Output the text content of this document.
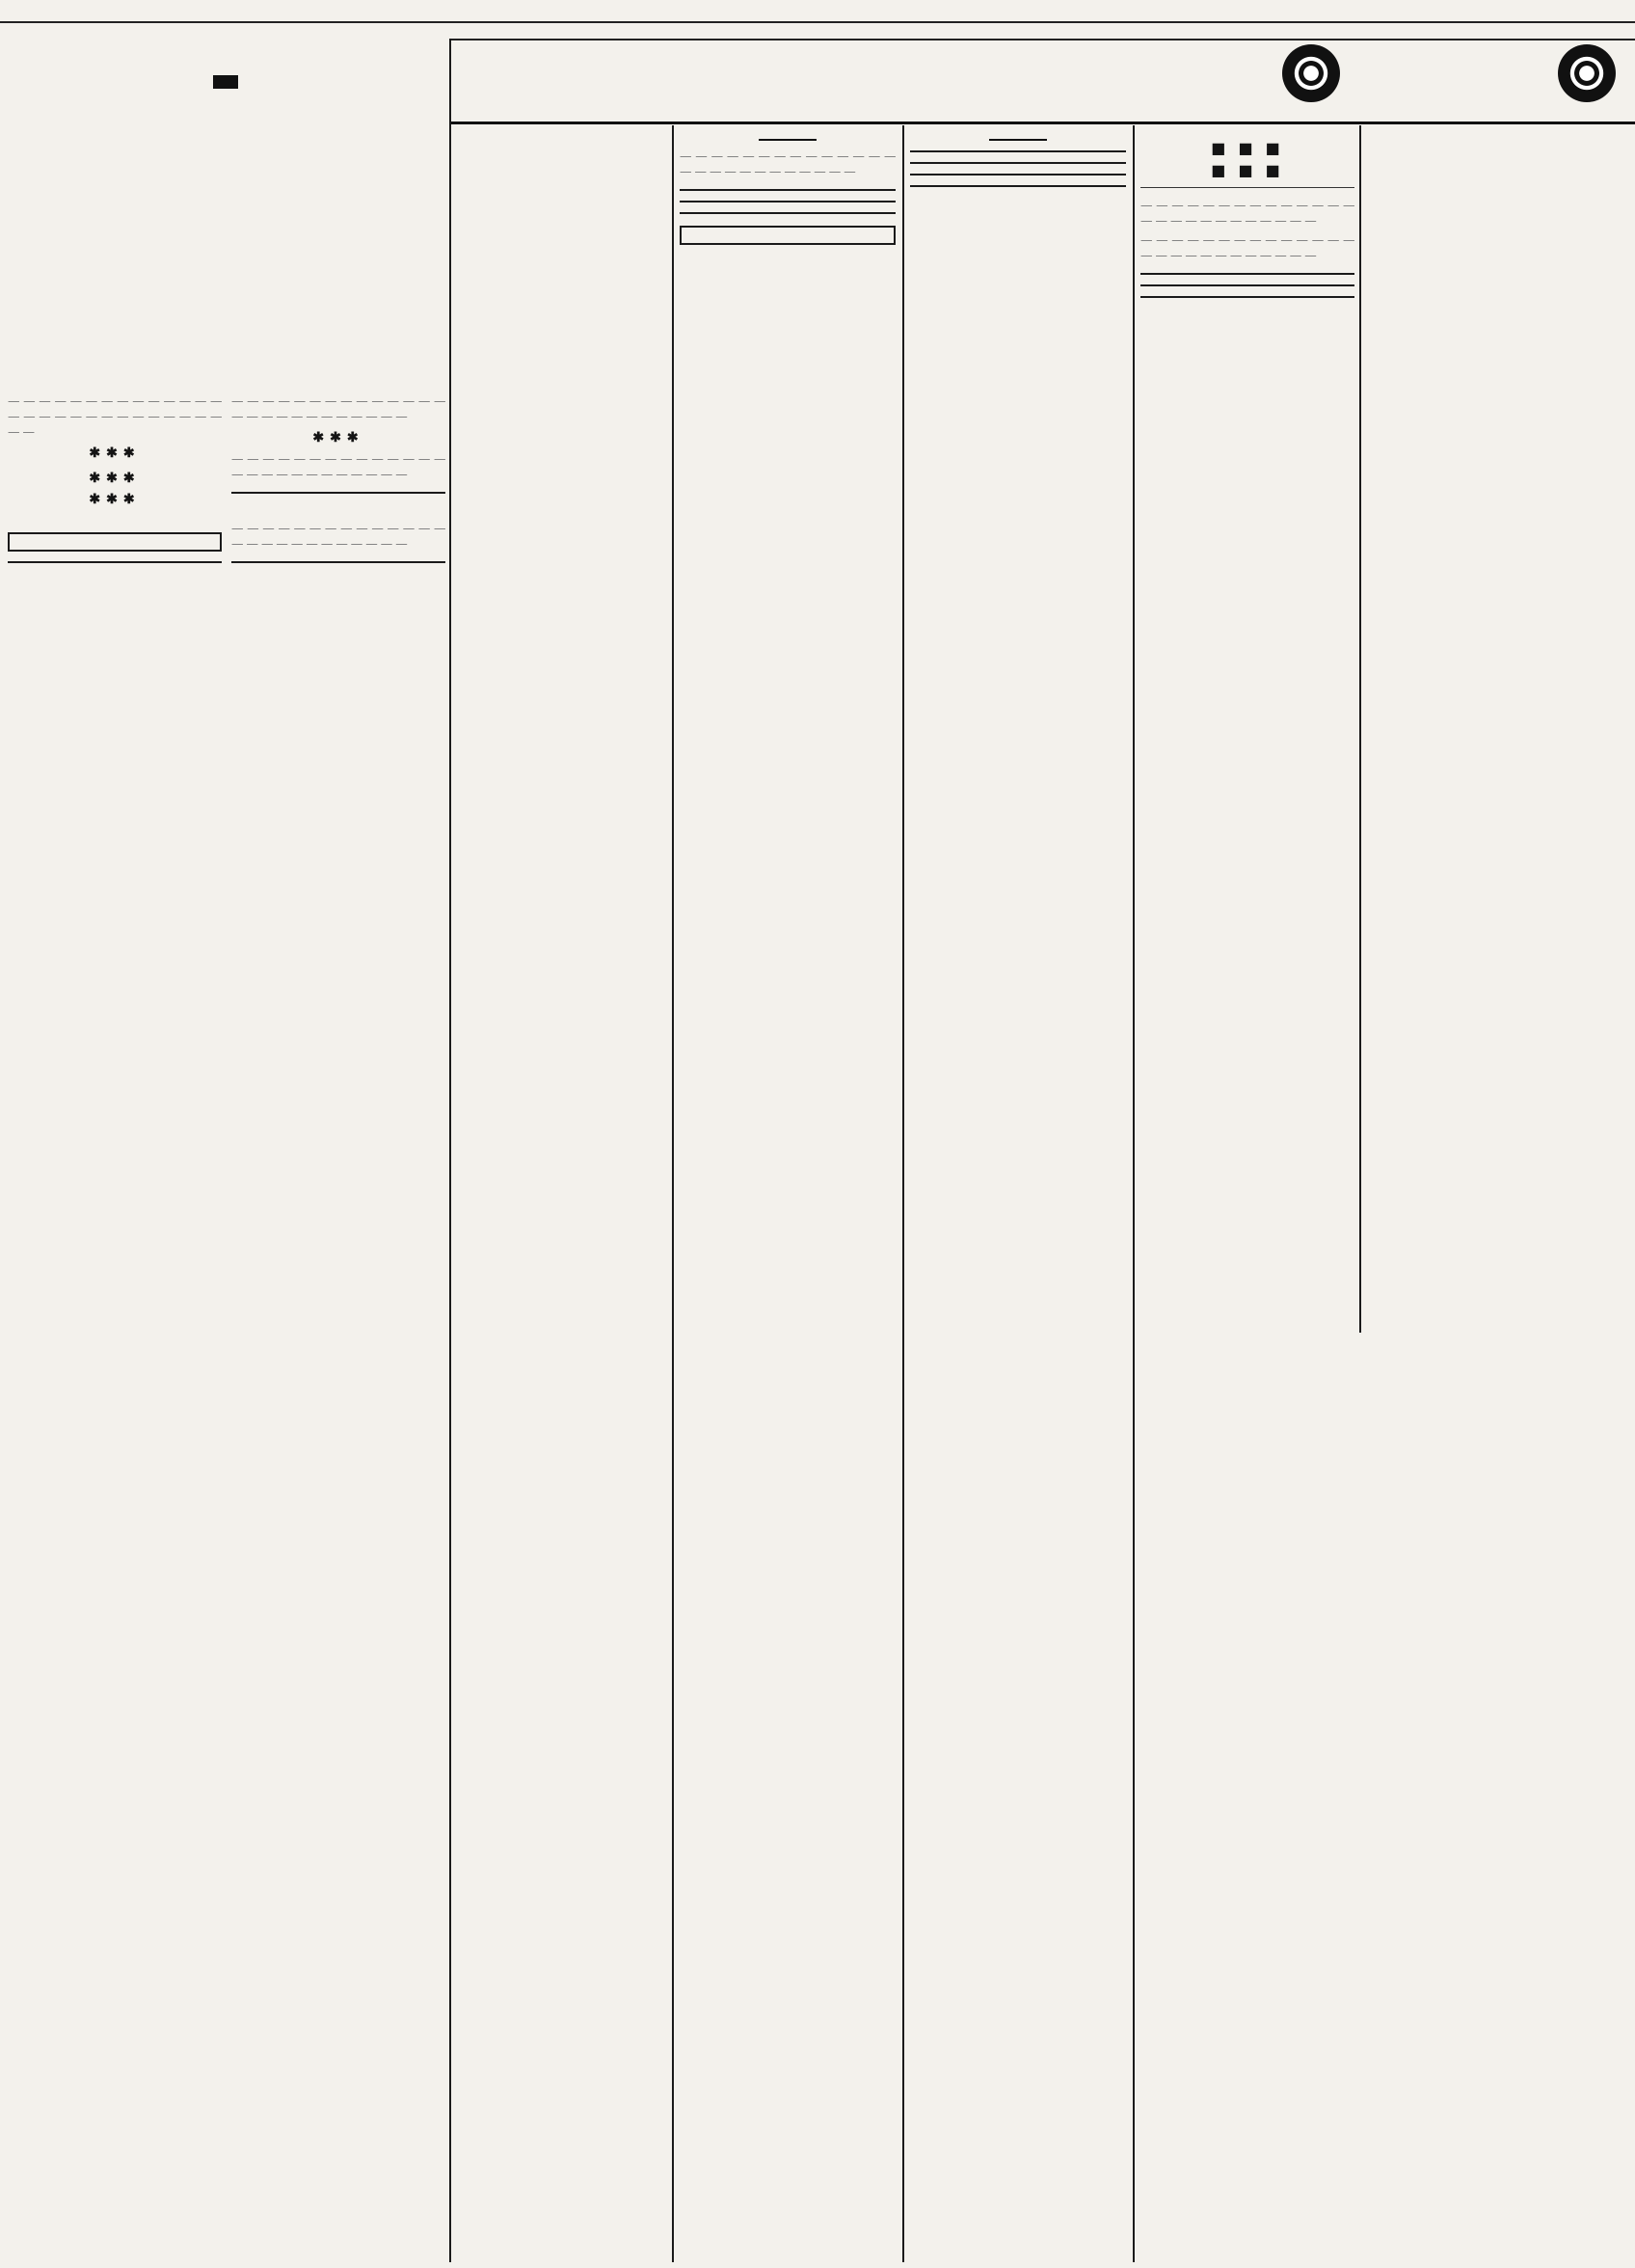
— — — — — — — — — — — — — — — — — — — — — — — — — — — — — —

✱✱✱

✱✱✱

✱✱✱

— — — — — — — — — — — — — — — — — — — — — — — — — —

✱✱✱

— — — — — — — — — — — — — — — — — — — — — — — — — —

— — — — — — — — — — — — — — — — — — — — — — — — — —

— — — — — — — — — — — — — — — — — — — — — — — — — —

■ ■ ■
■ ■ ■

— — — — — — — — — — — — — — — — — — — — — — — — — —

— — — — — — — — — — — — — — — — — — — — — — — — — —
